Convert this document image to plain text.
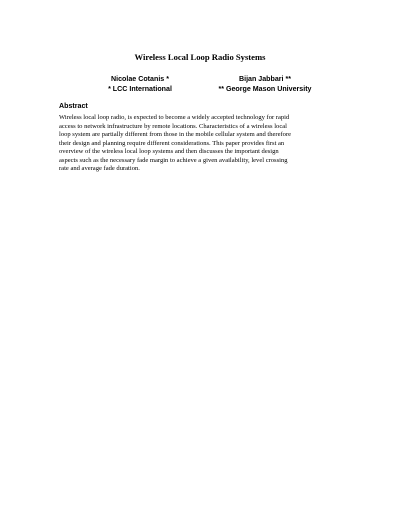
Wireless Local Loop Radio Systems
Nicolae Cotanis *
* LCC International
Bijan Jabbari **
** George Mason University
Abstract
Wireless local loop radio, is expected to become a widely accepted technology for rapid
access to network infrastructure by remote locations. Characteristics of a wireless local
loop system are partially different from those in the mobile cellular system and therefore
their design and planning require different considerations. This paper provides first an
overview of the wireless local loop systems and then discusses the important design
aspects such as the necessary fade margin to achieve a given availability, level crossing
rate and average fade duration.
